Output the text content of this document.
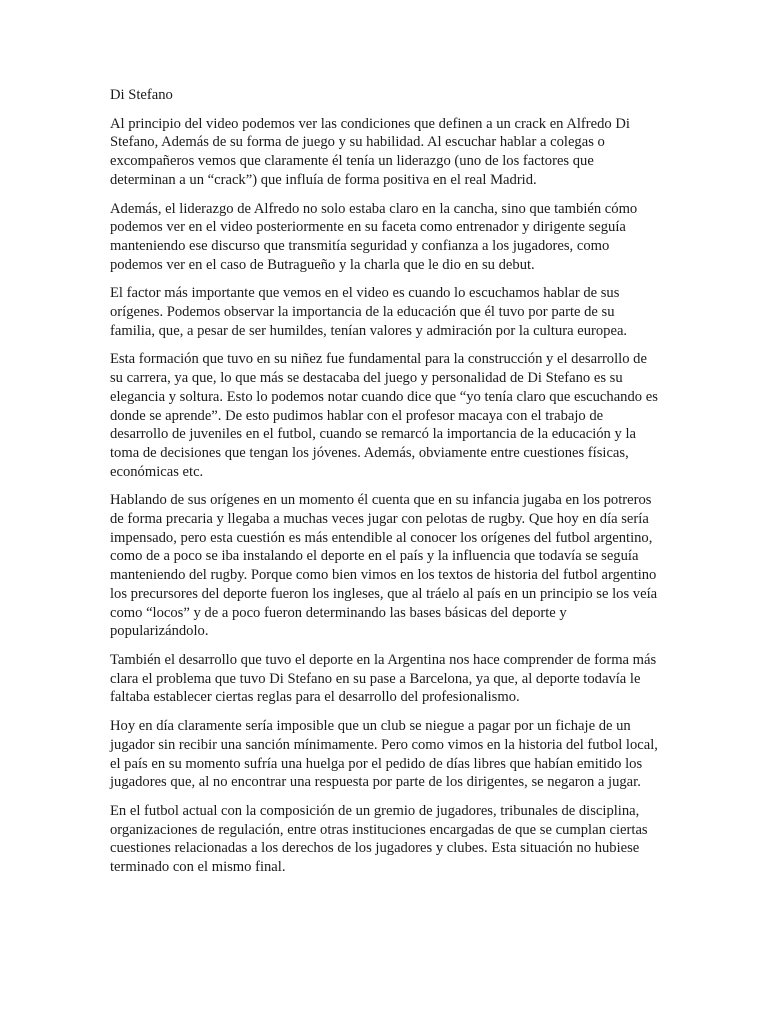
Di Stefano

Al principio del video podemos ver las condiciones que definen a un crack en Alfredo Di Stefano, Además de su forma de juego y su habilidad. Al escuchar hablar a colegas o excompañeros vemos que claramente él tenía un liderazgo (uno de los factores que determinan a un “crack”) que influía de forma positiva en el real Madrid.

Además, el liderazgo de Alfredo no solo estaba claro en la cancha, sino que también cómo podemos ver en el video posteriormente en su faceta como entrenador y dirigente seguía manteniendo ese discurso que transmitía seguridad y confianza a los jugadores, como podemos ver en el caso de Butragueño y la charla que le dio en su debut.

El factor más importante que vemos en el video es cuando lo escuchamos hablar de sus orígenes. Podemos observar la importancia de la educación que él tuvo por parte de su familia, que, a pesar de ser humildes, tenían valores y admiración por la cultura europea.

Esta formación que tuvo en su niñez fue fundamental para la construcción y el desarrollo de su carrera, ya que, lo que más se destacaba del juego y personalidad de Di Stefano es su elegancia y soltura. Esto lo podemos notar cuando dice que “yo tenía claro que escuchando es donde se aprende”. De esto pudimos hablar con el profesor macaya con el trabajo de desarrollo de juveniles en el futbol, cuando se remarcó la importancia de la educación y la toma de decisiones que tengan los jóvenes. Además, obviamente entre cuestiones físicas, económicas etc.

Hablando de sus orígenes en un momento él cuenta que en su infancia jugaba en los potreros de forma precaria y llegaba a muchas veces jugar con pelotas de rugby. Que hoy en día sería impensado, pero esta cuestión es más entendible al conocer los orígenes del futbol argentino, como de a poco se iba instalando el deporte en el país y la influencia que todavía se seguía manteniendo del rugby. Porque como bien vimos en los textos de historia del futbol argentino los precursores del deporte fueron los ingleses, que al tráelo al país en un principio se los veía como “locos” y de a poco fueron determinando las bases básicas del deporte y popularizándolo.

También el desarrollo que tuvo el deporte en la Argentina nos hace comprender de forma más clara el problema que tuvo Di Stefano en su pase a Barcelona, ya que, al deporte todavía le faltaba establecer ciertas reglas para el desarrollo del profesionalismo.

Hoy en día claramente sería imposible que un club se niegue a pagar por un fichaje de un jugador sin recibir una sanción mínimamente. Pero como vimos en la historia del futbol local, el país en su momento sufría una huelga por el pedido de días libres que habían emitido los jugadores que, al no encontrar una respuesta por parte de los dirigentes, se negaron a jugar.

En el futbol actual con la composición de un gremio de jugadores, tribunales de disciplina, organizaciones de regulación, entre otras instituciones encargadas de que se cumplan ciertas cuestiones relacionadas a los derechos de los jugadores y clubes. Esta situación no hubiese terminado con el mismo final.
